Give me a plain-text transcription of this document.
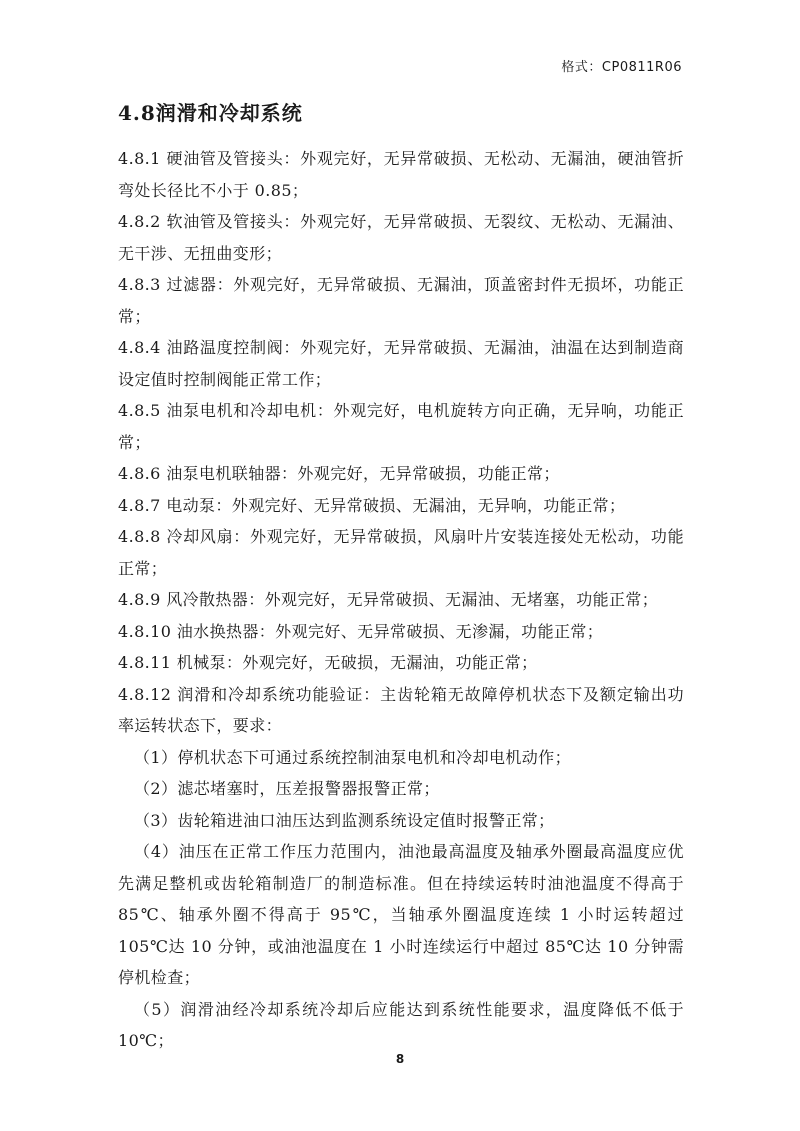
格式：CP0811R06
4.8润滑和冷却系统
4.8.1 硬油管及管接头：外观完好，无异常破损、无松动、无漏油，硬油管折弯处长径比不小于 0.85；
4.8.2 软油管及管接头：外观完好，无异常破损、无裂纹、无松动、无漏油、无干涉、无扭曲变形；
4.8.3 过滤器：外观完好，无异常破损、无漏油，顶盖密封件无损坏，功能正常；
4.8.4 油路温度控制阀：外观完好，无异常破损、无漏油，油温在达到制造商设定值时控制阀能正常工作；
4.8.5 油泵电机和冷却电机：外观完好，电机旋转方向正确，无异响，功能正常；
4.8.6 油泵电机联轴器：外观完好，无异常破损，功能正常；
4.8.7 电动泵：外观完好、无异常破损、无漏油，无异响，功能正常；
4.8.8 冷却风扇：外观完好，无异常破损，风扇叶片安装连接处无松动，功能正常；
4.8.9 风冷散热器：外观完好，无异常破损、无漏油、无堵塞，功能正常；
4.8.10 油水换热器：外观完好、无异常破损、无渗漏，功能正常；
4.8.11 机械泵：外观完好，无破损，无漏油，功能正常；
4.8.12 润滑和冷却系统功能验证：主齿轮箱无故障停机状态下及额定输出功率运转状态下，要求：
（1）停机状态下可通过系统控制油泵电机和冷却电机动作；
（2）滤芯堵塞时，压差报警器报警正常；
（3）齿轮箱进油口油压达到监测系统设定值时报警正常；
（4）油压在正常工作压力范围内，油池最高温度及轴承外圈最高温度应优先满足整机或齿轮箱制造厂的制造标准。但在持续运转时油池温度不得高于 85℃、轴承外圈不得高于 95℃，当轴承外圈温度连续 1 小时运转超过 105℃达 10 分钟，或油池温度在 1 小时连续运行中超过 85℃达 10 分钟需停机检查；
（5）润滑油经冷却系统冷却后应能达到系统性能要求，温度降低不低于 10℃；
8
